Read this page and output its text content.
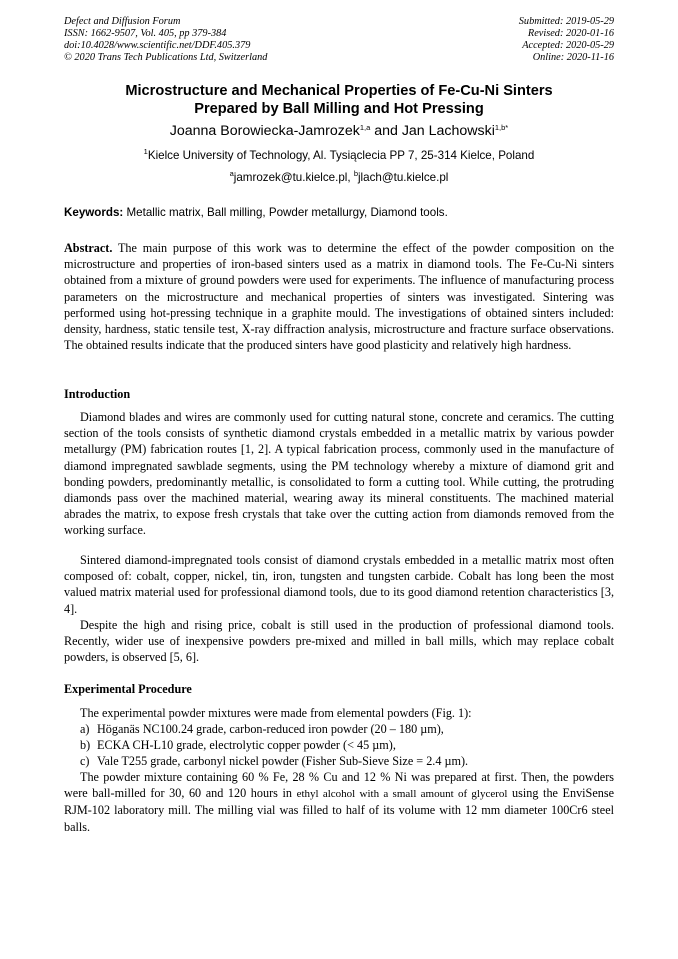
Defect and Diffusion Forum
ISSN: 1662-9507, Vol. 405, pp 379-384
doi:10.4028/www.scientific.net/DDF.405.379
© 2020 Trans Tech Publications Ltd, Switzerland
Submitted: 2019-05-29
Revised: 2020-01-16
Accepted: 2020-05-29
Online: 2020-11-16
Microstructure and Mechanical Properties of Fe-Cu-Ni Sinters
Prepared by Ball Milling and Hot Pressing
Joanna Borowiecka-Jamrozek$^{1,a}$ and Jan Lachowski$^{1,b*}$
$^1$Kielce University of Technology, Al. Tysiąclecia PP 7, 25-314 Kielce, Poland
$^a$jamrozek@tu.kielce.pl, $^b$jlach@tu.kielce.pl
Keywords: Metallic matrix, Ball milling, Powder metallurgy, Diamond tools.
Abstract. The main purpose of this work was to determine the effect of the powder composition on the microstructure and properties of iron-based sinters used as a matrix in diamond tools. The Fe-Cu-Ni sinters obtained from a mixture of ground powders were used for experiments. The influence of manufacturing process parameters on the microstructure and mechanical properties of sinters was investigated. Sintering was performed using hot-pressing technique in a graphite mould. The investigations of obtained sinters included: density, hardness, static tensile test, X-ray diffraction analysis, microstructure and fracture surface observations. The obtained results indicate that the produced sinters have good plasticity and relatively high hardness.
Introduction
Diamond blades and wires are commonly used for cutting natural stone, concrete and ceramics. The cutting section of the tools consists of synthetic diamond crystals embedded in a metallic matrix by various powder metallurgy (PM) fabrication routes [1, 2]. A typical fabrication process, commonly used in the manufacture of diamond impregnated sawblade segments, using the PM technology whereby a mixture of diamond grit and bonding powders, predominantly metallic, is consolidated to form a cutting tool. While cutting, the protruding diamonds pass over the machined material, wearing away its mineral constituents. The machined material abrades the matrix, to expose fresh crystals that take over the cutting action from diamonds removed from the working surface.
Sintered diamond-impregnated tools consist of diamond crystals embedded in a metallic matrix most often composed of: cobalt, copper, nickel, tin, iron, tungsten and tungsten carbide. Cobalt has long been the most valued matrix material used for professional diamond tools, due to its good diamond retention characteristics [3, 4].
Despite the high and rising price, cobalt is still used in the production of professional diamond tools. Recently, wider use of inexpensive powders pre-mixed and milled in ball mills, which may replace cobalt powders, is observed [5, 6].
Experimental Procedure
The experimental powder mixtures were made from elemental powders (Fig. 1):
a) Höganäs NC100.24 grade, carbon-reduced iron powder (20 – 180 µm),
b) ECKA CH-L10 grade, electrolytic copper powder (< 45 µm),
c) Vale T255 grade, carbonyl nickel powder (Fisher Sub-Sieve Size = 2.4 µm).
The powder mixture containing 60 % Fe, 28 % Cu and 12 % Ni was prepared at first. Then, the powders were ball-milled for 30, 60 and 120 hours in ethyl alcohol with a small amount of glycerol using the EnviSense RJM-102 laboratory mill. The milling vial was filled to half of its volume with 12 mm diameter 100Cr6 steel balls.
